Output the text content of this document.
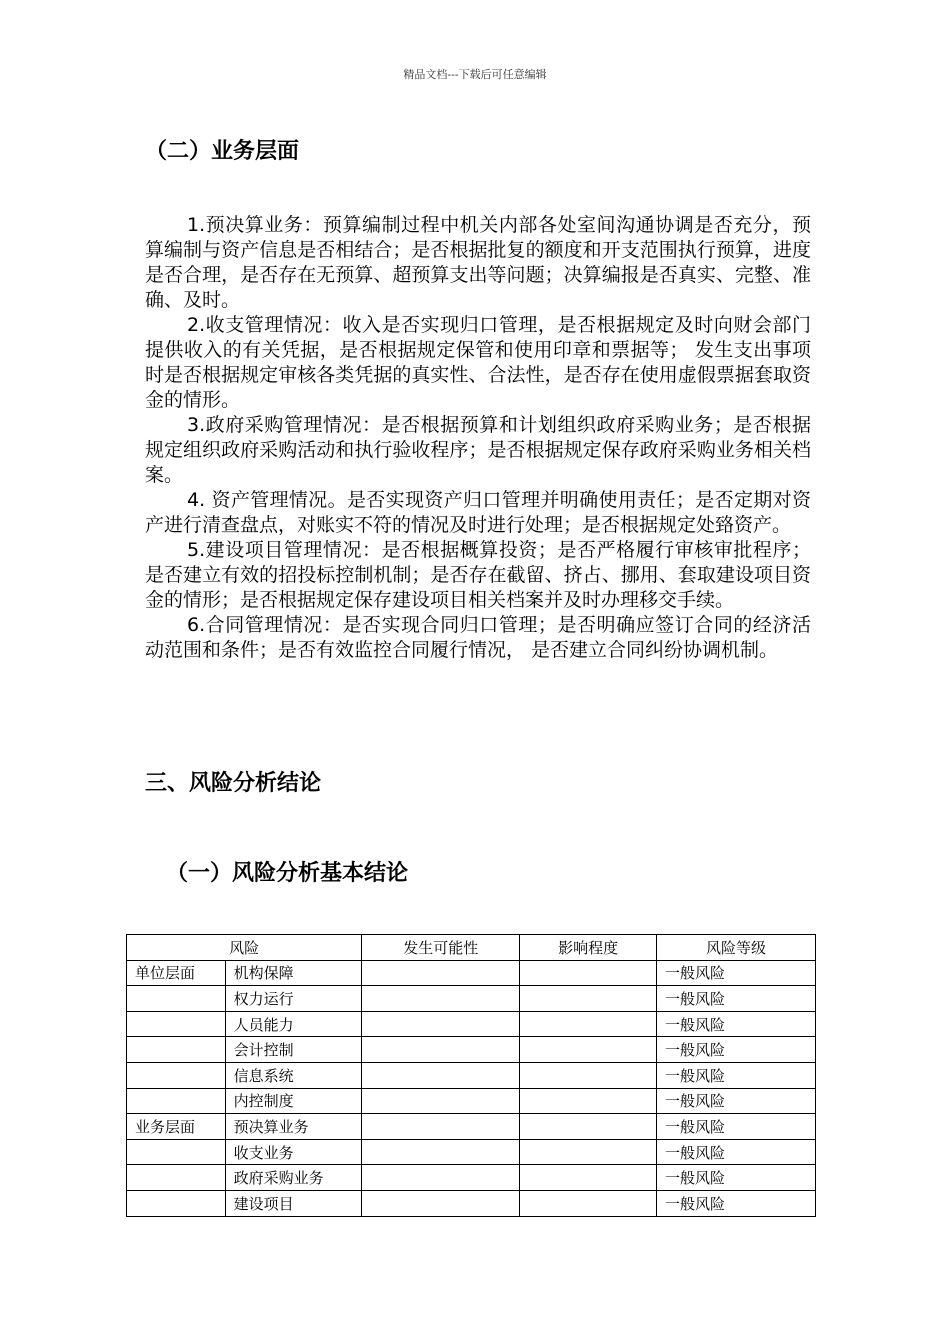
精品文档---下载后可任意编辑
（二）业务层面

1.预决算业务：预算编制过程中机关内部各处室间沟通协调是否充分，预算编制与资产信息是否相结合；是否根据批复的额度和开支范围执行预算，进度是否合理，是否存在无预算、超预算支出等问题；决算编报是否真实、完整、准确、及时。

2.收支管理情况：收入是否实现归口管理，是否根据规定及时向财会部门提供收入的有关凭据，是否根据规定保管和使用印章和票据等； 发生支出事项时是否根据规定审核各类凭据的真实性、合法性，是否存在使用虚假票据套取资金的情形。

3.政府采购管理情况：是否根据预算和计划组织政府采购业务；是否根据规定组织政府采购活动和执行验收程序；是否根据规定保存政府采购业务相关档案。

4. 资产管理情况。是否实现资产归口管理并明确使用责任；是否定期对资产进行清查盘点，对账实不符的情况及时进行处理；是否根据规定处臵资产。

5.建设项目管理情况：是否根据概算投资；是否严格履行审核审批程序；是否建立有效的招投标控制机制；是否存在截留、挤占、挪用、套取建设项目资金的情形；是否根据规定保存建设项目相关档案并及时办理移交手续。

6.合同管理情况：是否实现合同归口管理；是否明确应签订合同的经济活动范围和条件；是否有效监控合同履行情况， 是否建立合同纠纷协调机制。

三、风险分析结论
（一）风险分析基本结论
风险		发生可能性	影响程度	风险等级
单位层面	机构保障			一般风险
	权力运行			一般风险
	人员能力			一般风险
	会计控制			一般风险
	信息系统			一般风险
	内控制度			一般风险
业务层面	预决算业务			一般风险
	收支业务			一般风险
	政府采购业务			一般风险
	建设项目			一般风险
